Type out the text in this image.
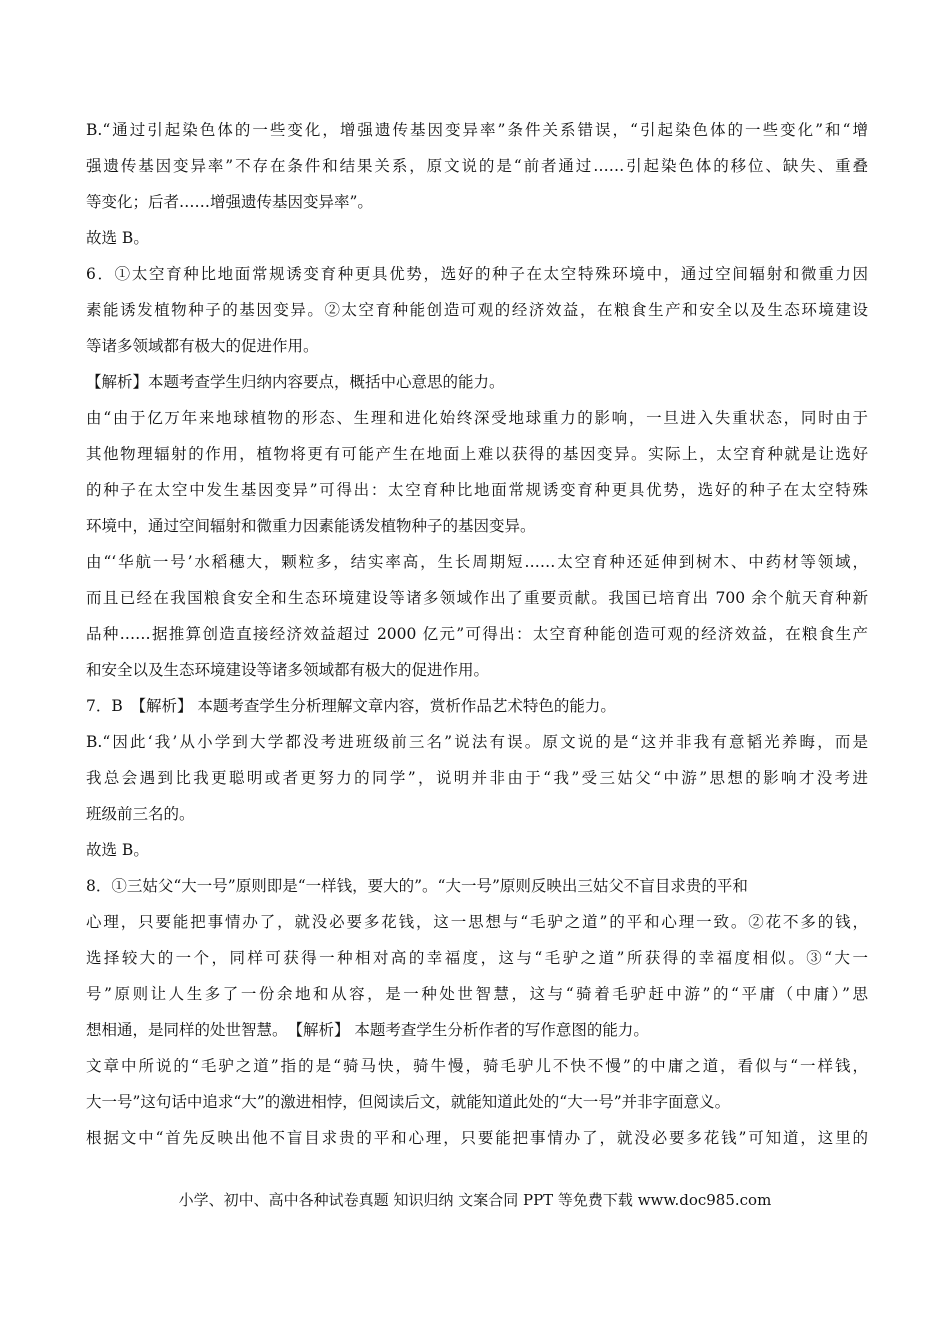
B.“通过引起染色体的一些变化，增强遗传基因变异率”条件关系错误，“引起染色体的一些变化”和“增
强遗传基因变异率”不存在条件和结果关系，原文说的是“前者通过……引起染色体的移位、缺失、重叠
等变化；后者……增强遗传基因变异率”。
故选 B。
6．①太空育种比地面常规诱变育种更具优势，选好的种子在太空特殊环境中，通过空间辐射和微重力因
素能诱发植物种子的基因变异。②太空育种能创造可观的经济效益，在粮食生产和安全以及生态环境建设
等诸多领域都有极大的促进作用。
【解析】本题考查学生归纳内容要点，概括中心意思的能力。
由“由于亿万年来地球植物的形态、生理和进化始终深受地球重力的影响，一旦进入失重状态，同时由于
其他物理辐射的作用，植物将更有可能产生在地面上难以获得的基因变异。实际上，太空育种就是让选好
的种子在太空中发生基因变异”可得出：太空育种比地面常规诱变育种更具优势，选好的种子在太空特殊
环境中，通过空间辐射和微重力因素能诱发植物种子的基因变异。
由“‘华航一号’水稻穗大，颗粒多，结实率高，生长周期短……太空育种还延伸到树木、中药材等领域，
而且已经在我国粮食安全和生态环境建设等诸多领域作出了重要贡献。我国已培育出 700 余个航天育种新
品种……据推算创造直接经济效益超过 2000 亿元”可得出：太空育种能创造可观的经济效益，在粮食生产
和安全以及生态环境建设等诸多领域都有极大的促进作用。
7．B　【解析】 本题考查学生分析理解文章内容，赏析作品艺术特色的能力。
B.“因此‘我’从小学到大学都没考进班级前三名”说法有误。原文说的是“这并非我有意韬光养晦，而是
我总会遇到比我更聪明或者更努力的同学”，说明并非由于“我”受三姑父“中游”思想的影响才没考进
班级前三名的。
故选 B。
8．①三姑父“大一号”原则即是“一样钱，要大的”。“大一号”原则反映出三姑父不盲目求贵的平和
心理，只要能把事情办了，就没必要多花钱，这一思想与“毛驴之道”的平和心理一致。②花不多的钱，
选择较大的一个，同样可获得一种相对高的幸福度，这与“毛驴之道”所获得的幸福度相似。③“大一
号”原则让人生多了一份余地和从容，是一种处世智慧，这与“骑着毛驴赶中游”的“平庸（中庸）”思
想相通，是同样的处世智慧。　【解析】 本题考查学生分析作者的写作意图的能力。
文章中所说的“毛驴之道”指的是“骑马快，骑牛慢，骑毛驴儿不快不慢”的中庸之道，看似与“一样钱，
大一号”这句话中追求“大”的激进相悖，但阅读后文，就能知道此处的“大一号”并非字面意义。
根据文中“首先反映出他不盲目求贵的平和心理，只要能把事情办了，就没必要多花钱”可知道，这里的
小学、初中、高中各种试卷真题 知识归纳 文案合同 PPT 等免费下载 www.doc985.com
